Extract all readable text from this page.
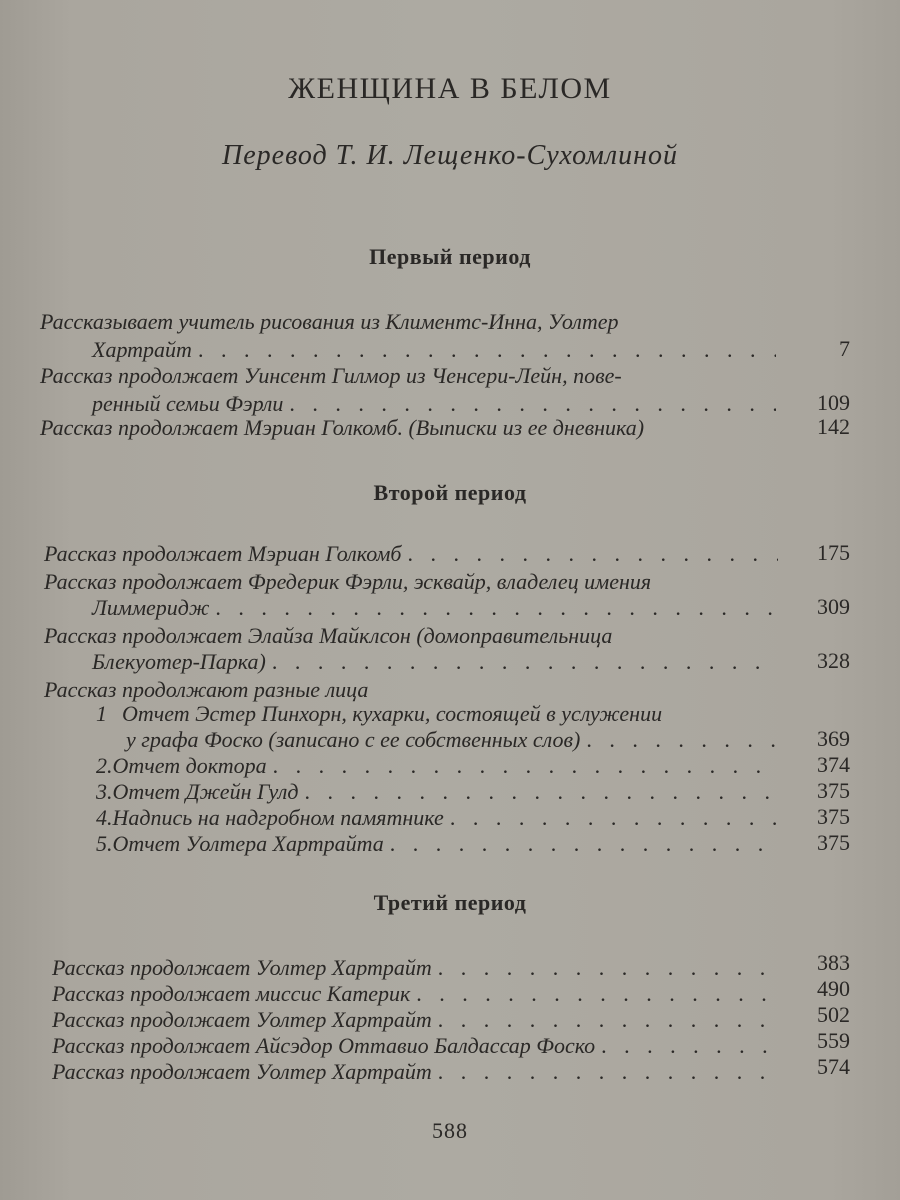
ЖЕНЩИНА В БЕЛОМ
Перевод Т. И. Лещенко-Сухомлиной
Первый период
Рассказывает учитель рисования из Климентс-Инна, Уолтер
Хартрайт . . .	7
Рассказ продолжает Уинсент Гилмор из Ченсери-Лейн, пове-
ренный семьи Фэрли . . .	109
Рассказ продолжает Мэриан Голкомб. (Выписки из ее дневника)	142
Второй период
Рассказ продолжает Мэриан Голкомб . . .	175
Рассказ продолжает Фредерик Фэрли, эсквайр, владелец имения
Лиммеридж . . .	309
Рассказ продолжает Элайза Майклсон (домоправительница
Блекуотер-Парка) . . .	328
Рассказ продолжают разные лица
1 Отчет Эстер Пинхорн, кухарки, состоящей в услужении
у графа Фоско (записано с ее собственных слов) . . .	369
2. Отчет доктора . . .	374
3. Отчет Джейн Гулд . . .	375
4. Надпись на надгробном памятнике . . .	375
5. Отчет Уолтера Хартрайта . . .	375
Третий период
Рассказ продолжает Уолтер Хартрайт . . .	383
Рассказ продолжает миссис Катерик . . .	490
Рассказ продолжает Уолтер Хартрайт . . .	502
Рассказ продолжает Айсэдор Оттавио Балдассар Фоско . . .	559
Рассказ продолжает Уолтер Хартрайт . . .	574
588
